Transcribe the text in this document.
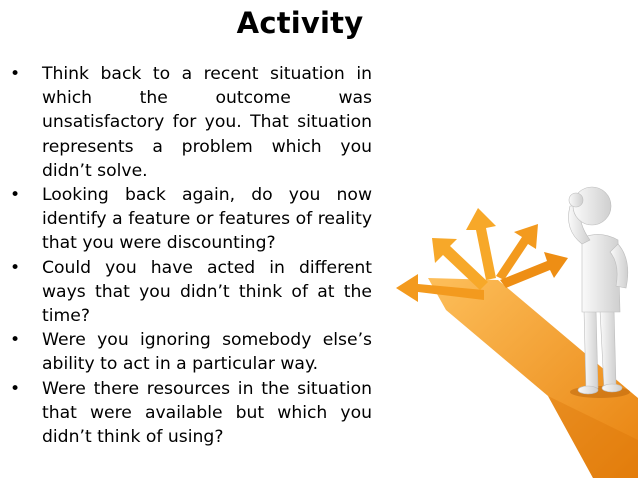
Activity
• Think back to a recent situation in which the outcome was unsatisfactory for you. That situation represents a problem which you didn’t solve.
• Looking back again, do you now identify a feature or features of reality that you were discounting?
• Could you have acted in different ways that you didn’t think of at the time?
• Were you ignoring somebody else’s ability to act in a particular way.
• Were there resources in the situation that were available but which you didn’t think of using?
